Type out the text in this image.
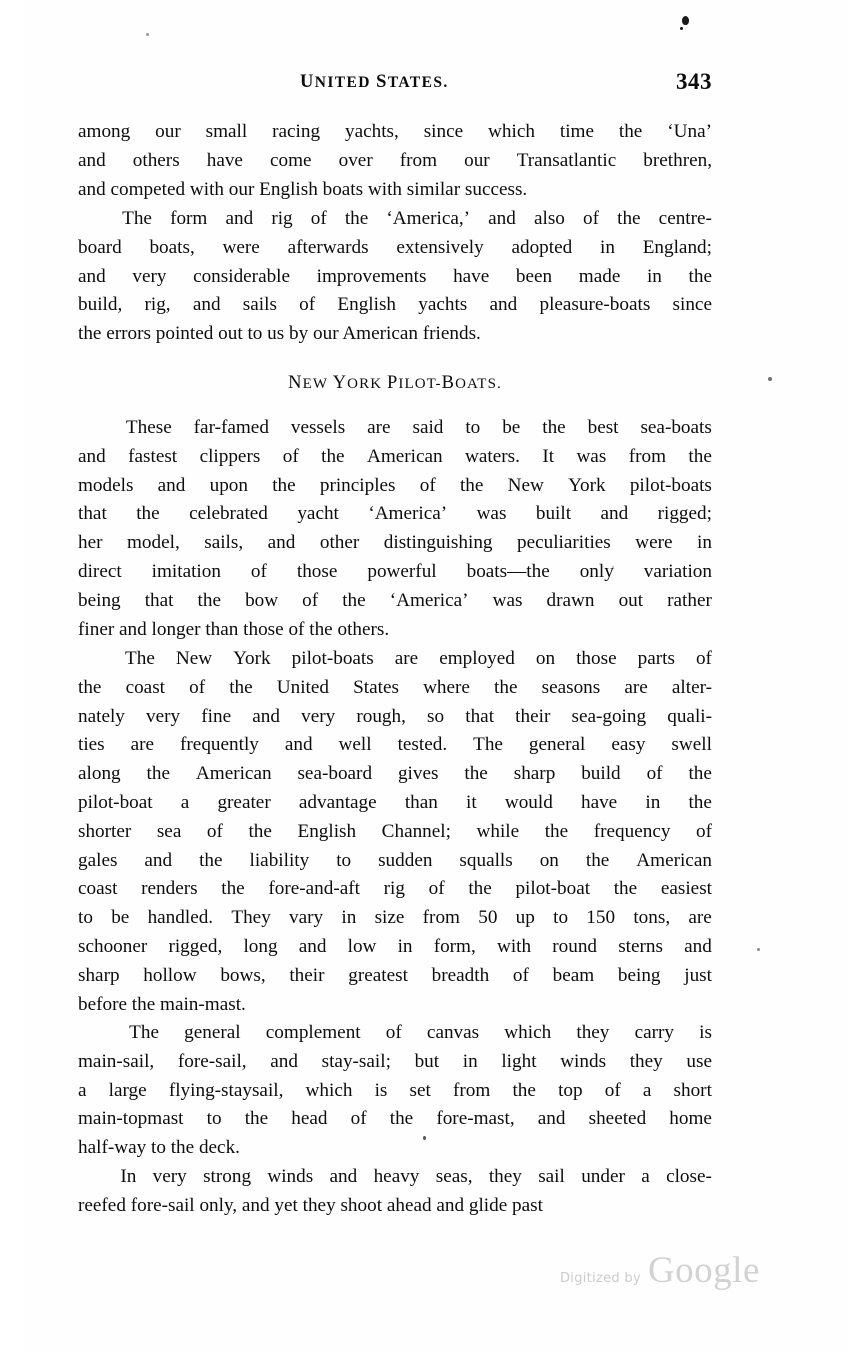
UNITED STATES.	343
among our small racing yachts, since which time the ‘Una’
and others have come over from our Transatlantic brethren,
and competed with our English boats with similar success.
The form and rig of the ‘America,’ and also of the centre-
board boats, were afterwards extensively adopted in England;
and very considerable improvements have been made in the
build, rig, and sails of English yachts and pleasure-boats since
the errors pointed out to us by our American friends.
NEW YORK PILOT-BOATS.
These far-famed vessels are said to be the best sea-boats
and fastest clippers of the American waters. It was from the
models and upon the principles of the New York pilot-boats
that the celebrated yacht ‘America’ was built and rigged;
her model, sails, and other distinguishing peculiarities were in
direct imitation of those powerful boats—the only variation
being that the bow of the ‘America’ was drawn out rather
finer and longer than those of the others.
The New York pilot-boats are employed on those parts of
the coast of the United States where the seasons are alter-
nately very fine and very rough, so that their sea-going quali-
ties are frequently and well tested. The general easy swell
along the American sea-board gives the sharp build of the
pilot-boat a greater advantage than it would have in the
shorter sea of the English Channel; while the frequency of
gales and the liability to sudden squalls on the American
coast renders the fore-and-aft rig of the pilot-boat the easiest
to be handled. They vary in size from 50 up to 150 tons, are
schooner rigged, long and low in form, with round sterns and
sharp hollow bows, their greatest breadth of beam being just
before the main-mast.
The general complement of canvas which they carry is
main-sail, fore-sail, and stay-sail; but in light winds they use
a large flying-staysail, which is set from the top of a short
main-topmast to the head of the fore-mast, and sheeted home
half-way to the deck.
In very strong winds and heavy seas, they sail under a close-
reefed fore-sail only, and yet they shoot ahead and glide past
Digitized by Google
